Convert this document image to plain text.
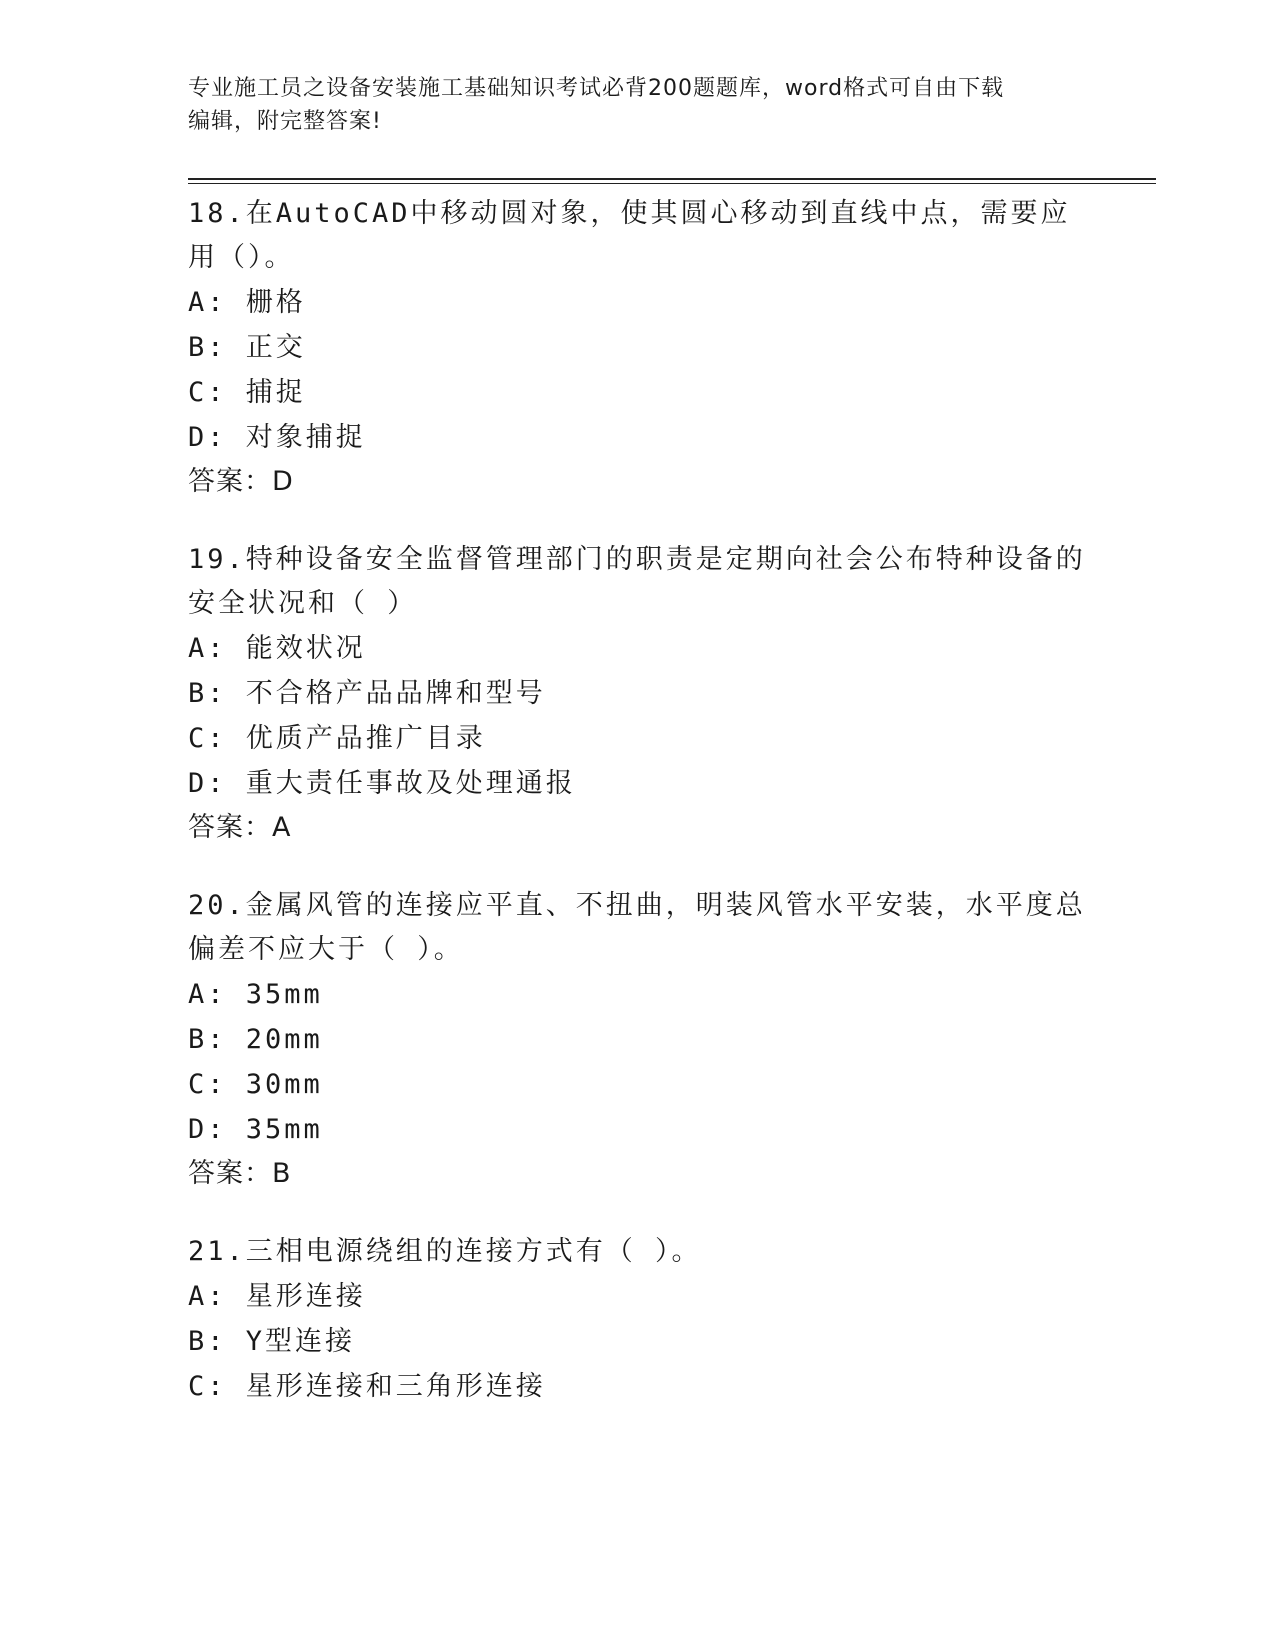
专业施工员之设备安装施工基础知识考试必背200题题库，word格式可自由下载
编辑，附完整答案!

18.在AutoCAD中移动圆对象，使其圆心移动到直线中点，需要应用（）。

A: 栅格

B: 正交

C: 捕捉

D: 对象捕捉

答案：D

19.特种设备安全监督管理部门的职责是定期向社会公布特种设备的安全状况和（ ）

A: 能效状况

B: 不合格产品品牌和型号

C: 优质产品推广目录

D: 重大责任事故及处理通报

答案：A

20.金属风管的连接应平直、不扭曲，明装风管水平安装，水平度总偏差不应大于（ ）。

A: 35mm

B: 20mm

C: 30mm

D: 35mm

答案：B

21.三相电源绕组的连接方式有（ ）。

A: 星形连接

B: Y型连接

C: 星形连接和三角形连接
